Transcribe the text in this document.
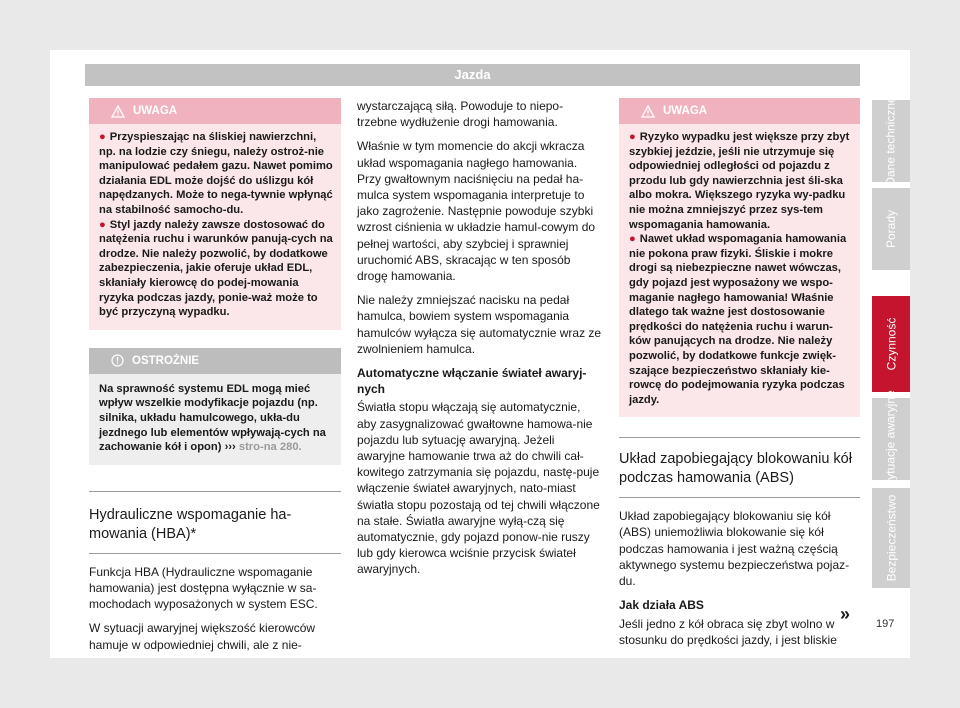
Jazda
Dane techniczne
Porady
Czynność
Sytuacje awaryjne
Bezpieczeństwo
197
UWAGA

● Przyspieszając na śliskiej nawierzchni, np. na lodzie czy śniegu, należy ostroż-nie manipulować pedałem gazu. Nawet pomimo działania EDL może dojść do uślizgu kół napędzanych. Może to nega-tywnie wpłynąć na stabilność samocho-du.

● Styl jazdy należy zawsze dostosować do natężenia ruchu i warunków panują-cych na drodze. Nie należy pozwolić, by dodatkowe zabezpieczenia, jakie oferuje układ EDL, skłaniały kierowcę do podej-mowania ryzyka podczas jazdy, ponie-waż może to być przyczyną wypadku.

OSTROŻNIE
Na sprawność systemu EDL mogą mieć wpływ wszelkie modyfikacje pojazdu (np. silnika, układu hamulcowego, ukła-du jezdnego lub elementów wpływają-cych na zachowanie kół i opon) ››› stro-na 280.
Hydrauliczne wspomaganie ha-mowania (HBA)*

Funkcja HBA (Hydrauliczne wspomaganie hamowania) jest dostępna wyłącznie w sa-mochodach wyposażonych w system ESC.

W sytuacji awaryjnej większość kierowców hamuje w odpowiedniej chwili, ale z nie-

wystarczającą siłą. Powoduje to niepo-trzebne wydłużenie drogi hamowania.

Właśnie w tym momencie do akcji wkracza układ wspomagania nagłego hamowania. Przy gwałtownym naciśnięciu na pedał ha-mulca system wspomagania interpretuje to jako zagrożenie. Następnie powoduje szybki wzrost ciśnienia w układzie hamul-cowym do pełnej wartości, aby szybciej i sprawniej uruchomić ABS, skracając w ten sposób drogę hamowania.

Nie należy zmniejszać nacisku na pedał hamulca, bowiem system wspomagania hamulców wyłącza się automatycznie wraz ze zwolnieniem hamulca.

Automatyczne włączanie świateł awaryj-nych

Światła stopu włączają się automatycznie, aby zasygnalizować gwałtowne hamowa-nie pojazdu lub sytuację awaryjną. Jeżeli awaryjne hamowanie trwa aż do chwili cał-kowitego zatrzymania się pojazdu, nastę-puje włączenie świateł awaryjnych, nato-miast światła stopu pozostają od tej chwili włączone na stałe. Światła awaryjne wyłą-czą się automatycznie, gdy pojazd ponow-nie ruszy lub gdy kierowca wciśnie przycisk świateł awaryjnych.

UWAGA

● Ryzyko wypadku jest większe przy zbyt szybkiej jeździe, jeśli nie utrzymuje się odpowiedniej odległości od pojazdu z przodu lub gdy nawierzchnia jest śli-ska albo mokra. Większego ryzyka wy-padku nie można zmniejszyć przez sys-tem wspomagania hamowania.

● Nawet układ wspomagania hamowania nie pokona praw fizyki. Śliskie i mokre drogi są niebezpieczne nawet wówczas, gdy pojazd jest wyposażony we wspo-maganie nagłego hamowania! Właśnie dlatego tak ważne jest dostosowanie prędkości do natężenia ruchu i warun-ków panujących na drodze. Nie należy pozwolić, by dodatkowe funkcje zwięk-szające bezpieczeństwo skłaniały kie-rowcę do podejmowania ryzyka podczas jazdy.

Układ zapobiegający blokowaniu kół podczas hamowania (ABS)

Układ zapobiegający blokowaniu się kół (ABS) uniemożliwia blokowanie się kół podczas hamowania i jest ważną częścią aktywnego systemu bezpieczeństwa pojaz-du.

Jak działa ABS

Jeśli jedno z kół obraca się zbyt wolno w stosunku do prędkości jazdy, i jest bliskie

»
